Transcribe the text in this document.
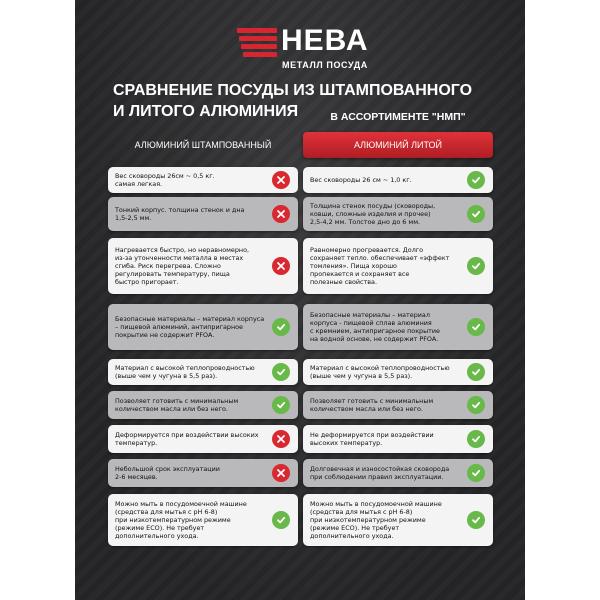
НЕВА
МЕТАЛЛ ПОСУДА
СРАВНЕНИЕ ПОСУДЫ ИЗ ШТАМПОВАННОГО
И ЛИТОГО АЛЮМИНИЯ	В АССОРТИМЕНТЕ "НМП"
АЛЮМИНИЙ ШТАМПОВАННЫЙ	АЛЮМИНИЙ ЛИТОЙ
Вес сковороды 26см ~ 0,5 кг.
самая легкая.
Вес сковороды 26 см ~ 1,0 кг.
Тонкий корпус. толщина стенок и дна
1,5-2,5 мм.
Толщина стенок посуды (сковороды,
ковши, сложные изделия и прочее)
2,5-4,2 мм. Толстое дно до 6 мм.
Нагревается быстро, но неравномерно,
из-за утонченности металла в местах
сгиба. Риск перегрева. Сложно
регулировать температуру, пища
быстро пригорает.
Равномерно прогревается. Долго
сохраняет тепло. обеспечивает «эффект
томления». Пища хорошо
пропекается и сохраняет все
полезные свойства.
Безопасные материалы – материал корпуса
– пищевой алюминий, антипригарное
покрытие не содержит PFOA.
Безопасные материалы – материал
корпуса - пищевой сплав алюминия
с кремнием, антипригарное покрытие
на водной основе, не содержит PFOA.
Материал с высокой теплопроводностью
(выше чем у чугуна в 5,5 раз).
Материал с высокой теплопроводностью
(выше чем у чугуна в 5,5 раз).
Позволяет готовить с минимальным
количеством масла или без него.
Позволяет готовить с минимальным
количеством масла или без него.
Деформируется при воздействии высоких
температур.
Не деформируется при воздействии
высоких температур.
Небольшой срок эксплуатации
2-6 месяцев.
Долговечная и износостойкая сковорода
при соблюдении правил эксплуатации.
Можно мыть в посудомоечной машине
(средства для мытья с pH 6-8)
при низкотемпературном режиме
(режиме ECO). Не требует
дополнительного ухода.
Можно мыть в посудомоечной машине
(средства для мытья с pH 6-8)
при низкотемпературном режиме
(режиме ECO). Не требует
дополнительного ухода.
